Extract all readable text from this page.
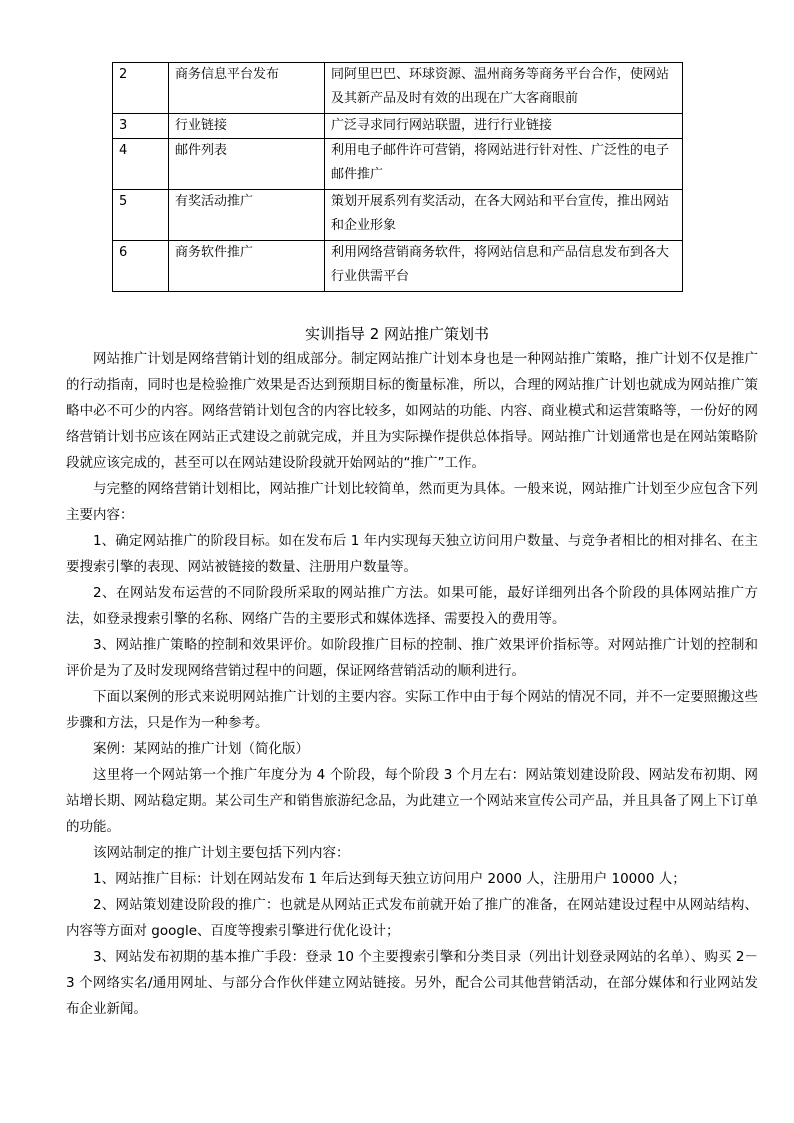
2	商务信息平台发布	同阿里巴巴、环球资源、温州商务等商务平台合作，使网站及其新产品及时有效的出现在广大客商眼前
3	行业链接	广泛寻求同行网站联盟，进行行业链接
4	邮件列表	利用电子邮件许可营销，将网站进行针对性、广泛性的电子邮件推广
5	有奖活动推广	策划开展系列有奖活动，在各大网站和平台宣传，推出网站和企业形象
6	商务软件推广	利用网络营销商务软件，将网站信息和产品信息发布到各大行业供需平台
实训指导 2 网站推广策划书

网站推广计划是网络营销计划的组成部分。制定网站推广计划本身也是一种网站推广策略，推广计划不仅是推广的行动指南，同时也是检验推广效果是否达到预期目标的衡量标准，所以，合理的网站推广计划也就成为网站推广策略中必不可少的内容。网络营销计划包含的内容比较多，如网站的功能、内容、商业模式和运营策略等，一份好的网络营销计划书应该在网站正式建设之前就完成，并且为实际操作提供总体指导。网站推广计划通常也是在网站策略阶段就应该完成的，甚至可以在网站建设阶段就开始网站的“推广”工作。

与完整的网络营销计划相比，网站推广计划比较简单，然而更为具体。一般来说，网站推广计划至少应包含下列主要内容：

1、确定网站推广的阶段目标。如在发布后 1 年内实现每天独立访问用户数量、与竞争者相比的相对排名、在主要搜索引擎的表现、网站被链接的数量、注册用户数量等。

2、在网站发布运营的不同阶段所采取的网站推广方法。如果可能，最好详细列出各个阶段的具体网站推广方法，如登录搜索引擎的名称、网络广告的主要形式和媒体选择、需要投入的费用等。

3、网站推广策略的控制和效果评价。如阶段推广目标的控制、推广效果评价指标等。对网站推广计划的控制和评价是为了及时发现网络营销过程中的问题，保证网络营销活动的顺利进行。

下面以案例的形式来说明网站推广计划的主要内容。实际工作中由于每个网站的情况不同，并不一定要照搬这些步骤和方法，只是作为一种参考。

案例：某网站的推广计划（简化版）

这里将一个网站第一个推广年度分为 4 个阶段，每个阶段 3 个月左右：网站策划建设阶段、网站发布初期、网站增长期、网站稳定期。某公司生产和销售旅游纪念品，为此建立一个网站来宣传公司产品，并且具备了网上下订单的功能。

该网站制定的推广计划主要包括下列内容：

1、网站推广目标：计划在网站发布 1 年后达到每天独立访问用户 2000 人，注册用户 10000 人；

2、网站策划建设阶段的推广：也就是从网站正式发布前就开始了推广的准备，在网站建设过程中从网站结构、内容等方面对 google、百度等搜索引擎进行优化设计；

3、网站发布初期的基本推广手段：登录 10 个主要搜索引擎和分类目录（列出计划登录网站的名单）、购买 2－3 个网络实名/通用网址、与部分合作伙伴建立网站链接。另外，配合公司其他营销活动，在部分媒体和行业网站发布企业新闻。
